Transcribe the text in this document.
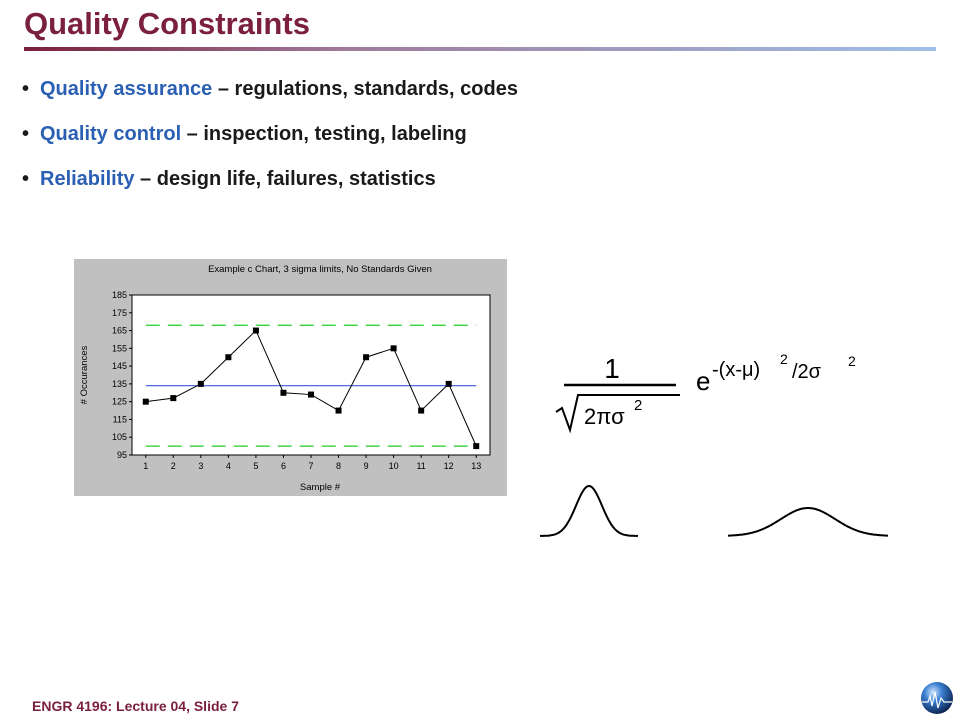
Quality Constraints
• Quality assurance – regulations, standards, codes
• Quality control – inspection, testing, labeling
• Reliability – design life, failures, statistics
Example c Chart, 3 sigma limits, No Standards Given
95
105
115
125
135
145
155
165
175
185
1	2	3	4	5	6	7	8	9 10 11 12 13
Sample #
# Occurances	1
2πσ 2
e -(x-μ) 2
/2σ 2
ENGR 4196: Lecture 04, Slide 7
